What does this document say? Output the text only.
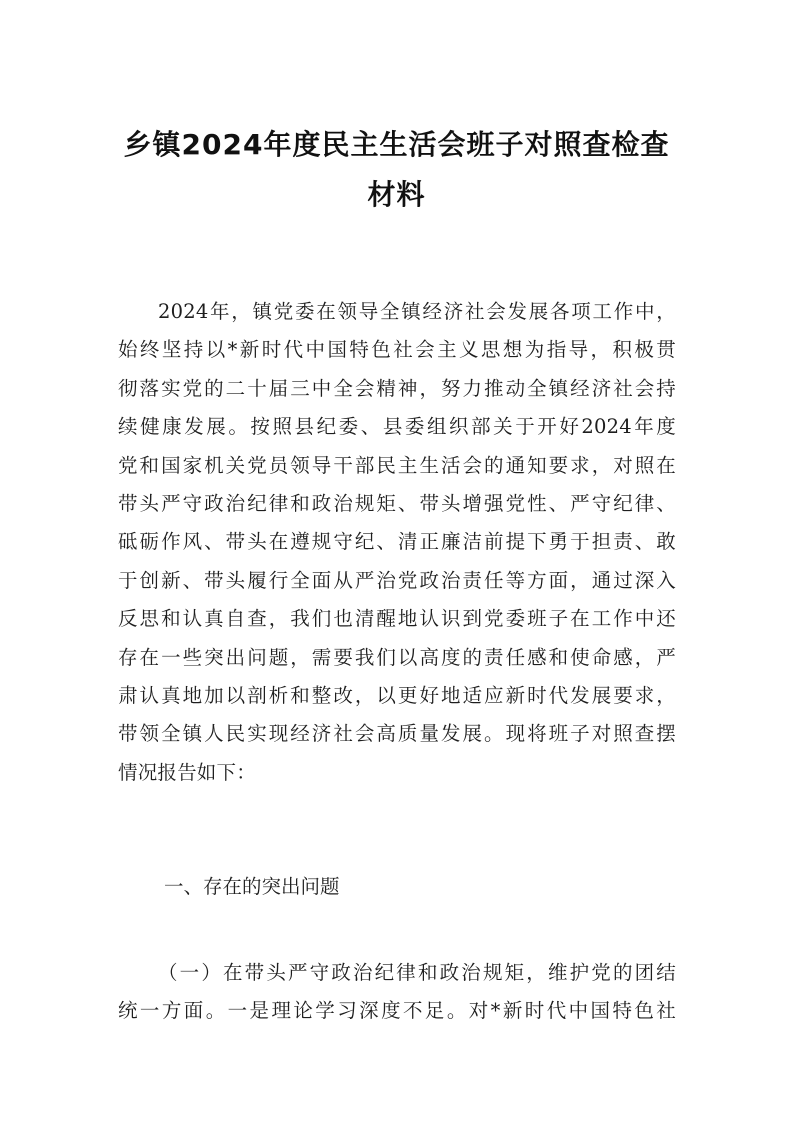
乡镇2024年度民主生活会班子对照查检查
材料
2024年，镇党委在领导全镇经济社会发展各项工作中，
始终坚持以*新时代中国特色社会主义思想为指导，积极贯
彻落实党的二十届三中全会精神，努力推动全镇经济社会持
续健康发展。按照县纪委、县委组织部关于开好2024年度
党和国家机关党员领导干部民主生活会的通知要求，对照在
带头严守政治纪律和政治规矩、带头增强党性、严守纪律、
砥砺作风、带头在遵规守纪、清正廉洁前提下勇于担责、敢
于创新、带头履行全面从严治党政治责任等方面，通过深入
反思和认真自查，我们也清醒地认识到党委班子在工作中还
存在一些突出问题，需要我们以高度的责任感和使命感，严
肃认真地加以剖析和整改，以更好地适应新时代发展要求，
带领全镇人民实现经济社会高质量发展。现将班子对照查摆
情况报告如下：
一、存在的突出问题
（一）在带头严守政治纪律和政治规矩，维护党的团结
统一方面。一是理论学习深度不足。对*新时代中国特色社
